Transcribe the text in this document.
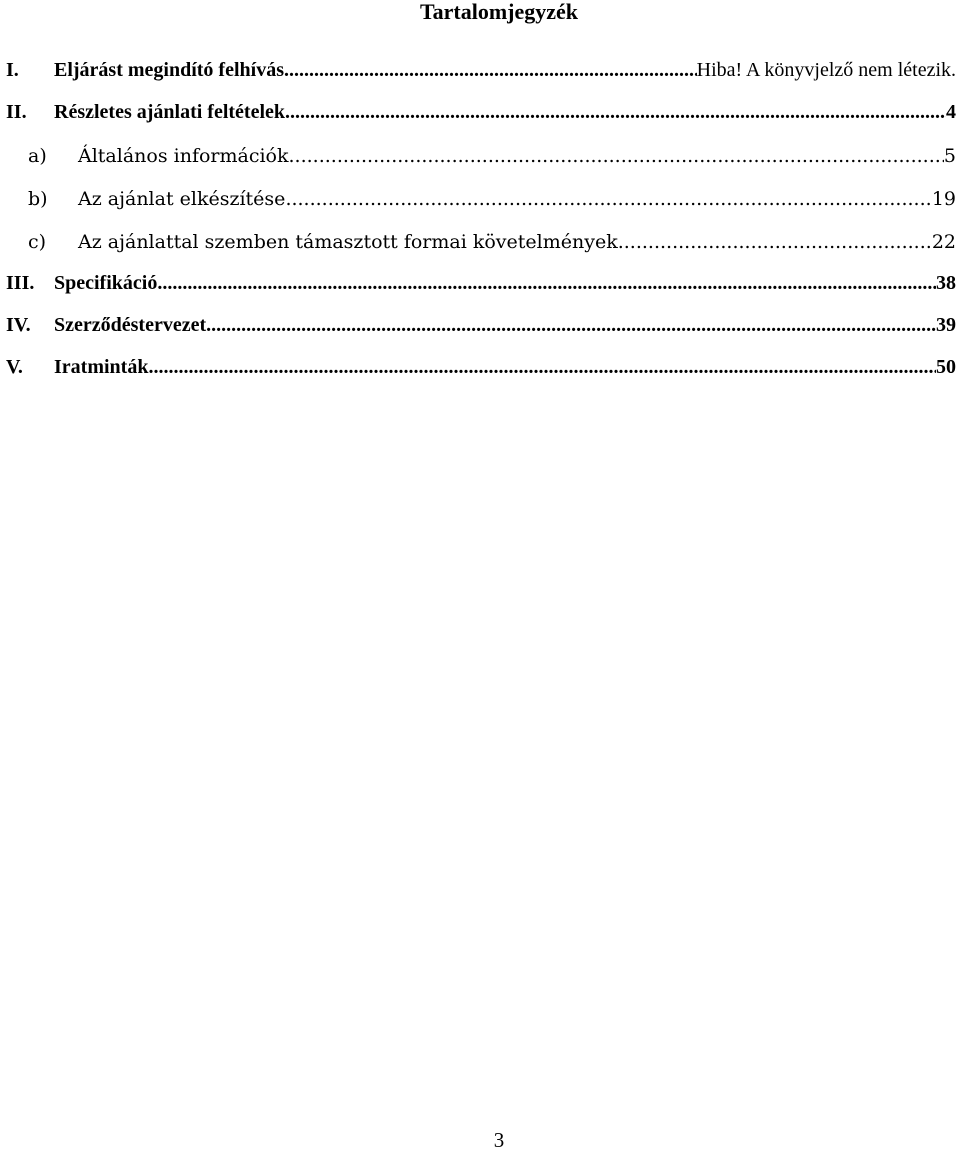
Tartalomjegyzék
I.	Eljárást megindító felhívás .....	Hiba! A könyvjelző nem létezik.
II.	Részletes ajánlati feltételek .....	4
a)	Általános információk .....	5
b)	Az ajánlat elkészítése .....	19
c)	Az ajánlattal szemben támasztott formai követelmények .....	22
III. Specifikáció .....	38
IV.	Szerződéstervezet .....	39
V.	Iratminták .....	50
3
